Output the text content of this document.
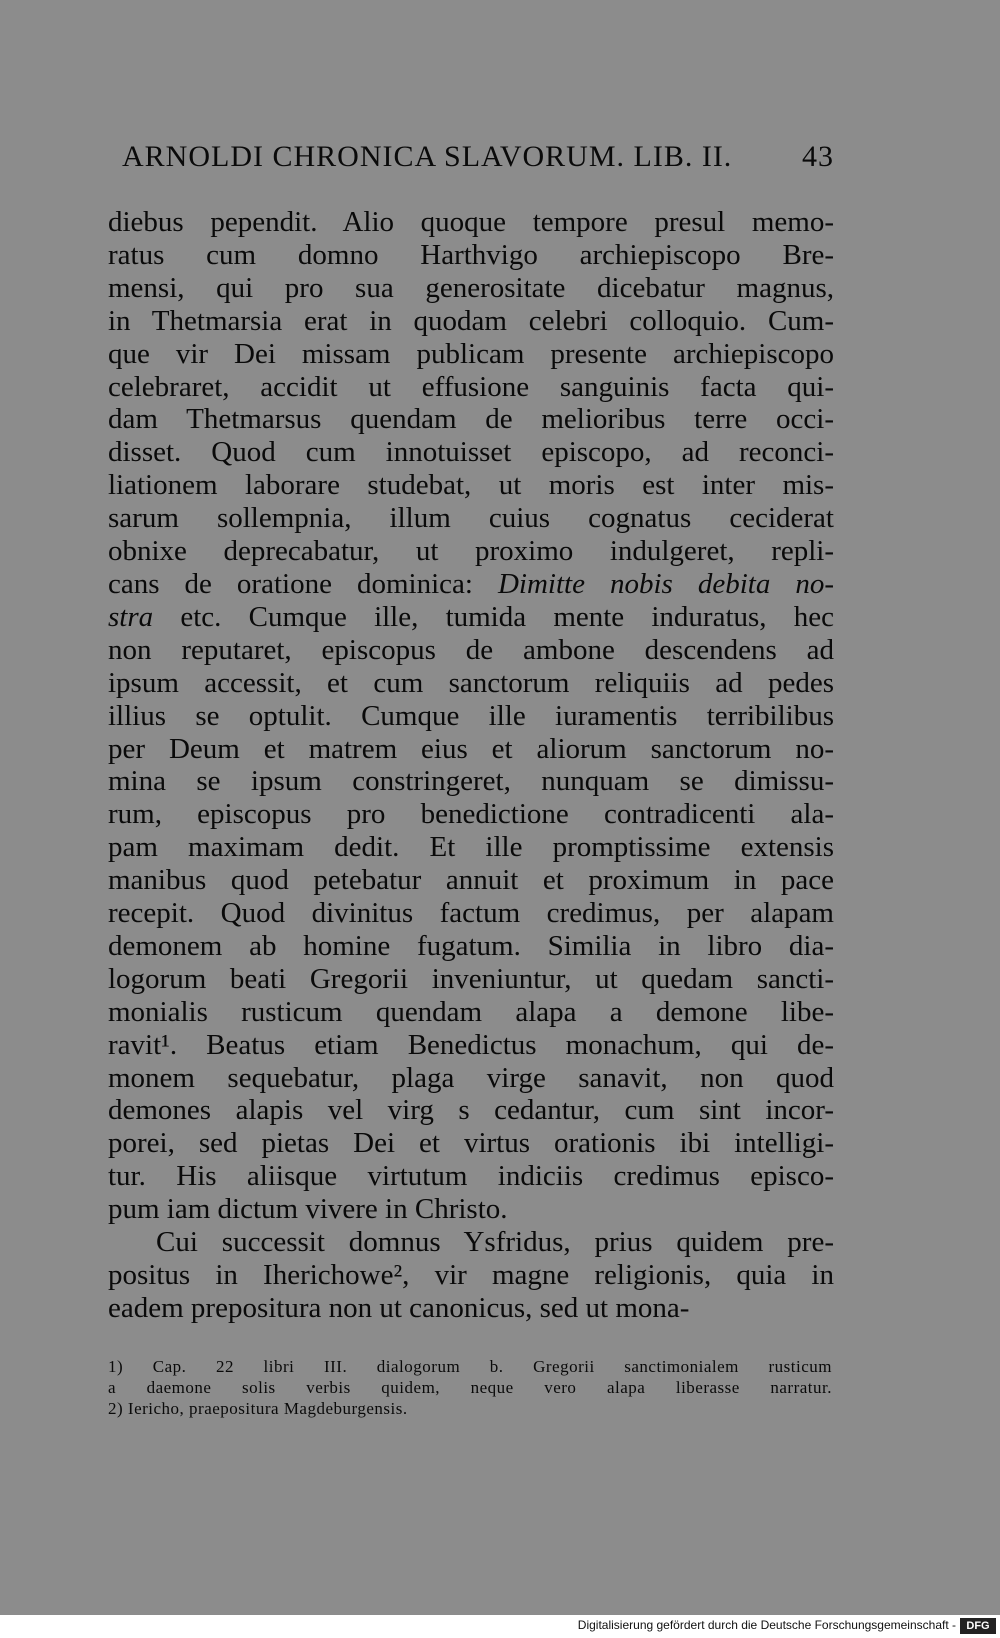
ARNOLDI CHRONICA SLAVORUM. LIB. II. 43
diebus pependit. Alio quoque tempore presul memo-
ratus cum domno Harthvigo archiepiscopo Bre-
mensi, qui pro sua generositate dicebatur magnus,
in Thetmarsia erat in quodam celebri colloquio. Cum-
que vir Dei missam publicam presente archiepiscopo
celebraret, accidit ut effusione sanguinis facta qui-
dam Thetmarsus quendam de melioribus terre occi-
disset. Quod cum innotuisset episcopo, ad reconci-
liationem laborare studebat, ut moris est inter mis-
sarum sollempnia, illum cuius cognatus ceciderat
obnixe deprecabatur, ut proximo indulgeret, repli-
cans de oratione dominica: Dimitte nobis debita no-
stra etc. Cumque ille, tumida mente induratus, hec
non reputaret, episcopus de ambone descendens ad
ipsum accessit, et cum sanctorum reliquiis ad pedes
illius se optulit. Cumque ille iuramentis terribilibus
per Deum et matrem eius et aliorum sanctorum no-
mina se ipsum constringeret, nunquam se dimissu-
rum, episcopus pro benedictione contradicenti ala-
pam maximam dedit. Et ille promptissime extensis
manibus quod petebatur annuit et proximum in pace
recepit. Quod divinitus factum credimus, per alapam
demonem ab homine fugatum. Similia in libro dia-
logorum beati Gregorii inveniuntur, ut quedam sancti-
monialis rusticum quendam alapa a demone libe-
ravit¹. Beatus etiam Benedictus monachum, qui de-
monem sequebatur, plaga virge sanavit, non quod
demones alapis vel virg s cedantur, cum sint incor-
porei, sed pietas Dei et virtus orationis ibi intelligi-
tur. His aliisque virtutum indiciis credimus episco-
pum iam dictum vivere in Christo.
Cui successit domnus Ysfridus, prius quidem pre-
positus in Iherichowe², vir magne religionis, quia in
eadem prepositura non ut canonicus, sed ut mona-
1) Cap. 22 libri III. dialogorum b. Gregorii sanctimonialem rusticum
a daemone solis verbis quidem, neque vero alapa liberasse narratur.
2) Iericho, praepositura Magdeburgensis.
Digitalisierung gefördert durch die Deutsche Forschungsgemeinschaft - DFG
